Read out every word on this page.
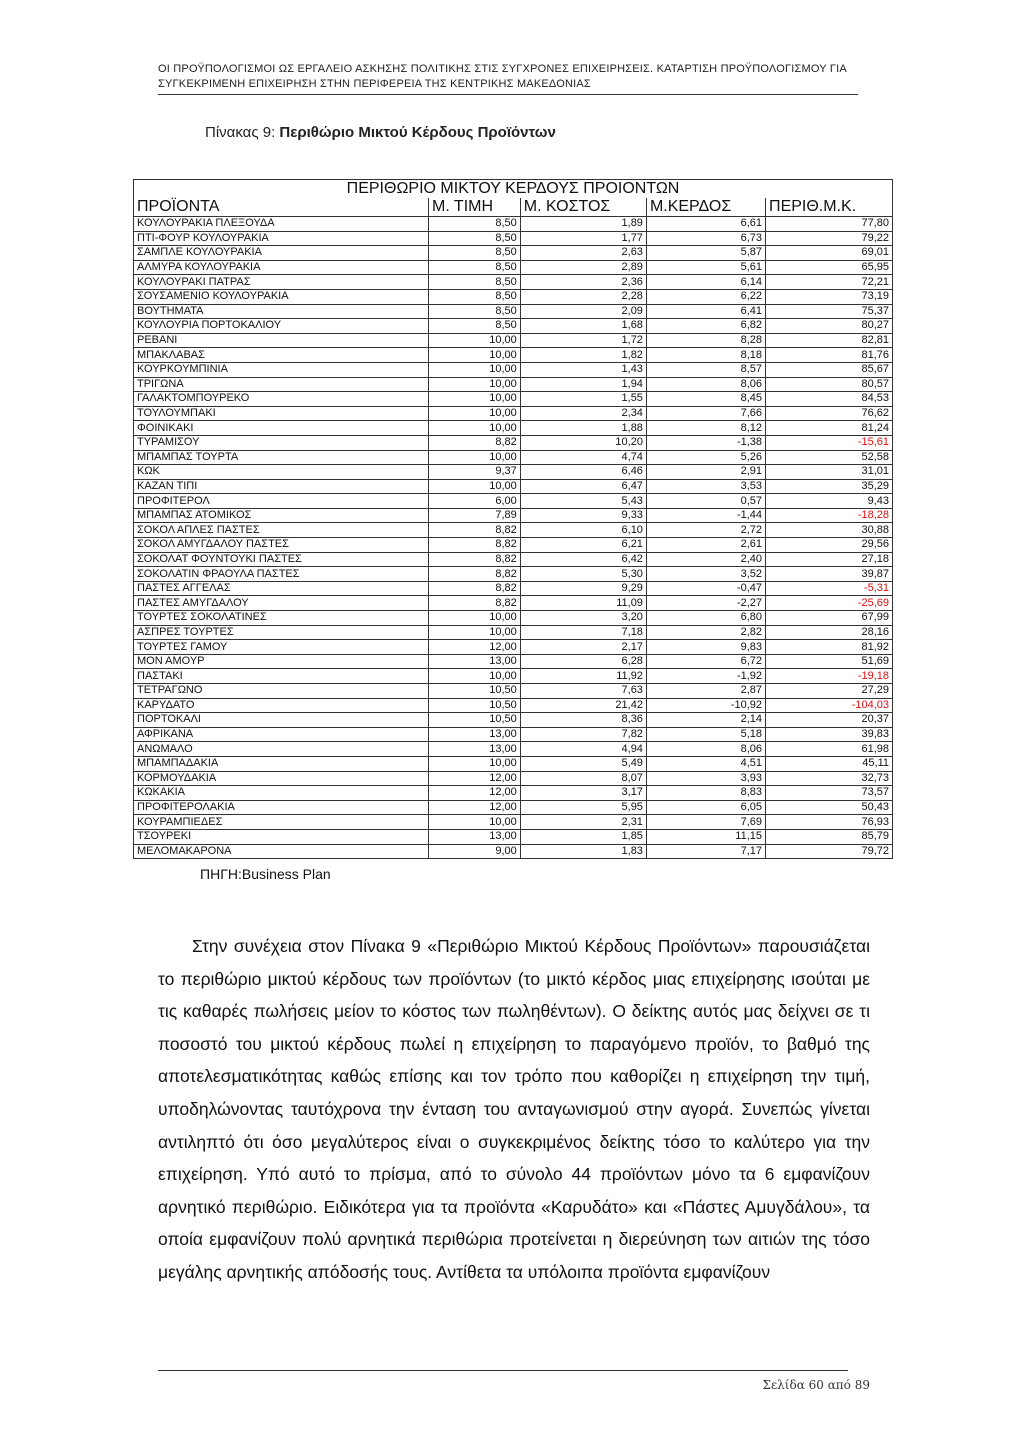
ΟΙ ΠΡΟΫΠΟΛΟΓΙΣΜΟΙ ΩΣ ΕΡΓΑΛΕΙΟ ΑΣΚΗΣΗΣ ΠΟΛΙΤΙΚΗΣ ΣΤΙΣ ΣΥΓΧΡΟΝΕΣ ΕΠΙΧΕΙΡΗΣΕΙΣ. ΚΑΤΑΡΤΙΣΗ ΠΡΟΫΠΟΛΟΓΙΣΜΟΥ ΓΙΑ
ΣΥΓΚΕΚΡΙΜΕΝΗ ΕΠΙΧΕΙΡΗΣΗ ΣΤΗΝ ΠΕΡΙΦΕΡΕΙΑ ΤΗΣ ΚΕΝΤΡΙΚΗΣ ΜΑΚΕΔΟΝΙΑΣ
Πίνακας 9: Περιθώριο Μικτού Κέρδους Προϊόντων
ΠΕΡΙΘΩΡΙΟ ΜΙΚΤΟΥ ΚΕΡΔΟΥΣ ΠΡΟΙΟΝΤΩΝ				
ΠΡΟΪΟΝΤΑ	Μ. ΤΙΜΗ	Μ. ΚΟΣΤΟΣ	Μ.ΚΕΡΔΟΣ	ΠΕΡΙΘ.Μ.Κ.
ΚΟΥΛΟΥΡΑΚΙΑ ΠΛΕΞΟΥΔΑ	8,50	1,89	6,61	77,80
ΠΤΙ-ΦΟΥΡ ΚΟΥΛΟΥΡΑΚΙΑ	8,50	1,77	6,73	79,22
ΣΑΜΠΛΕ ΚΟΥΛΟΥΡΑΚΙΑ	8,50	2,63	5,87	69,01
ΑΛΜΥΡΑ ΚΟΥΛΟΥΡΑΚΙΑ	8,50	2,89	5,61	65,95
ΚΟΥΛΟΥΡΑΚΙ ΠΑΤΡΑΣ	8,50	2,36	6,14	72,21
ΣΟΥΣΑΜΕΝΙΟ ΚΟΥΛΟΥΡΑΚΙΑ	8,50	2,28	6,22	73,19
ΒΟΥΤΗΜΑΤΑ	8,50	2,09	6,41	75,37
ΚΟΥΛΟΥΡΙΑ ΠΟΡΤΟΚΑΛΙΟΥ	8,50	1,68	6,82	80,27
ΡΕΒΑΝΙ	10,00	1,72	8,28	82,81
ΜΠΑΚΛΑΒΑΣ	10,00	1,82	8,18	81,76
ΚΟΥΡΚΟΥΜΠΙΝΙΑ	10,00	1,43	8,57	85,67
ΤΡΙΓΩΝΑ	10,00	1,94	8,06	80,57
ΓΑΛΑΚΤΟΜΠΟΥΡΕΚΟ	10,00	1,55	8,45	84,53
ΤΟΥΛΟΥΜΠΑΚΙ	10,00	2,34	7,66	76,62
ΦΟΙΝΙΚΑΚΙ	10,00	1,88	8,12	81,24
ΤΥΡΑΜΙΣΟΥ	8,82	10,20	-1,38	-15,61
ΜΠΑΜΠΑΣ ΤΟΥΡΤΑ	10,00	4,74	5,26	52,58
ΚΩΚ	9,37	6,46	2,91	31,01
ΚΑΖΑΝ ΤΙΠΙ	10,00	6,47	3,53	35,29
ΠΡΟΦΙΤΕΡΟΛ	6,00	5,43	0,57	9,43
ΜΠΑΜΠΑΣ ΑΤΟΜΙΚΟΣ	7,89	9,33	-1,44	-18,28
ΣΟΚΟΛ ΑΠΛΕΣ ΠΑΣΤΕΣ	8,82	6,10	2,72	30,88
ΣΟΚΟΛ ΑΜΥΓΔΑΛΟΥ ΠΑΣΤΕΣ	8,82	6,21	2,61	29,56
ΣΟΚΟΛΑΤ ΦΟΥΝΤΟΥΚΙ ΠΑΣΤΕΣ	8,82	6,42	2,40	27,18
ΣΟΚΟΛΑΤΙΝ ΦΡΑΟΥΛΑ ΠΑΣΤΕΣ	8,82	5,30	3,52	39,87
ΠΑΣΤΕΣ ΑΓΓΕΛΑΣ	8,82	9,29	-0,47	-5,31
ΠΑΣΤΕΣ ΑΜΥΓΔΑΛΟΥ	8,82	11,09	-2,27	-25,69
ΤΟΥΡΤΕΣ ΣΟΚΟΛΑΤΙΝΕΣ	10,00	3,20	6,80	67,99
ΑΣΠΡΕΣ ΤΟΥΡΤΕΣ	10,00	7,18	2,82	28,16
ΤΟΥΡΤΕΣ ΓΑΜΟΥ	12,00	2,17	9,83	81,92
ΜΟΝ ΑΜΟΥΡ	13,00	6,28	6,72	51,69
ΠΑΣΤΑΚΙ	10,00	11,92	-1,92	-19,18
ΤΕΤΡΑΓΩΝΟ	10,50	7,63	2,87	27,29
ΚΑΡΥΔΑΤΟ	10,50	21,42	-10,92	-104,03
ΠΟΡΤΟΚΑΛΙ	10,50	8,36	2,14	20,37
ΑΦΡΙΚΑΝΑ	13,00	7,82	5,18	39,83
ΑΝΩΜΑΛΟ	13,00	4,94	8,06	61,98
ΜΠΑΜΠΑΔΑΚΙΑ	10,00	5,49	4,51	45,11
ΚΟΡΜΟΥΔΑΚΙΑ	12,00	8,07	3,93	32,73
ΚΩΚΑΚΙΑ	12,00	3,17	8,83	73,57
ΠΡΟΦΙΤΕΡΟΛΑΚΙΑ	12,00	5,95	6,05	50,43
ΚΟΥΡΑΜΠΙΕΔΕΣ	10,00	2,31	7,69	76,93
ΤΣΟΥΡΕΚΙ	13,00	1,85	11,15	85,79
ΜΕΛΟΜΑΚΑΡΟΝΑ	9,00	1,83	7,17	79,72
ΠΗΓΗ:Business Plan
Στην συνέχεια στον Πίνακα 9 «Περιθώριο Μικτού Κέρδους Προϊόντων» παρουσιάζεται το περιθώριο μικτού κέρδους των προϊόντων (το μικτό κέρδος μιας επιχείρησης ισούται με τις καθαρές πωλήσεις μείον το κόστος των πωληθέντων). Ο δείκτης αυτός μας δείχνει σε τι ποσοστό του μικτού κέρδους πωλεί η επιχείρηση το παραγόμενο προϊόν, το βαθμό της αποτελεσματικότητας καθώς επίσης και τον τρόπο που καθορίζει η επιχείρηση την τιμή, υποδηλώνοντας ταυτόχρονα την ένταση του ανταγωνισμού στην αγορά. Συνεπώς γίνεται αντιληπτό ότι όσο μεγαλύτερος είναι ο συγκεκριμένος δείκτης τόσο το καλύτερο για την επιχείρηση. Υπό αυτό το πρίσμα, από το σύνολο 44 προϊόντων μόνο τα 6 εμφανίζουν αρνητικό περιθώριο. Ειδικότερα για τα προϊόντα «Καρυδάτο» και «Πάστες Αμυγδάλου», τα οποία εμφανίζουν πολύ αρνητικά περιθώρια προτείνεται η διερεύνηση των αιτιών της τόσο μεγάλης αρνητικής απόδοσής τους. Αντίθετα τα υπόλοιπα προϊόντα εμφανίζουν
Σελίδα 60 από 89
